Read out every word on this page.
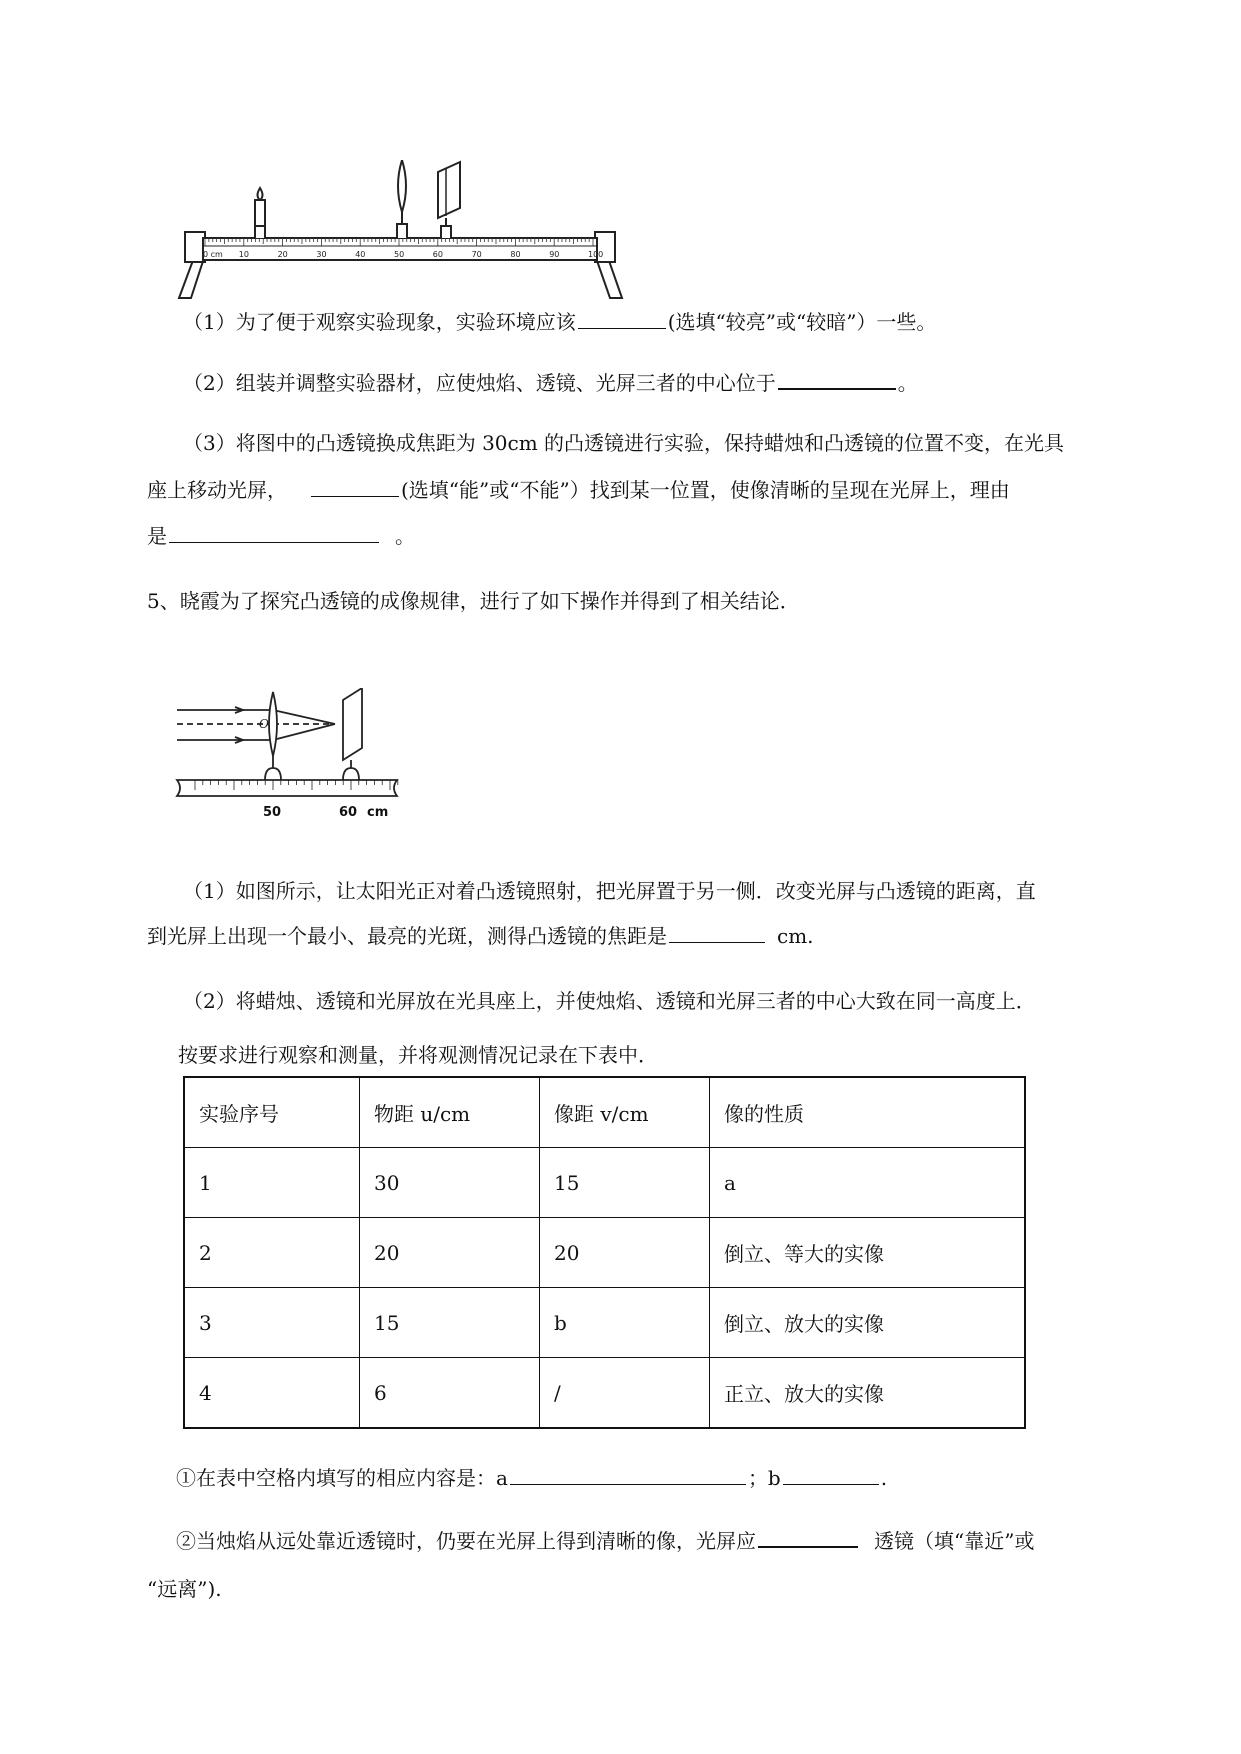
0 cm 10	20	30	40	50	60	70	80	90	100
（1）为了便于观察实验现象，实验环境应该	(选填“较亮”或“较暗”）一些。
（2）组装并调整实验器材，应使烛焰、透镜、光屏三者的中心位于	。
（3）将图中的凸透镜换成焦距为 30cm 的凸透镜进行实验，保持蜡烛和凸透镜的位置不变，在光具
座上移动光屏，	(选填“能”或“不能”）找到某一位置，使像清晰的呈现在光屏上，理由
是	。
5、晓霞为了探究凸透镜的成像规律，进行了如下操作并得到了相关结论．
O
50	60 cm
（1）如图所示，让太阳光正对着凸透镜照射，把光屏置于另一侧．改变光屏与凸透镜的距离，直
到光屏上出现一个最小、最亮的光斑，测得凸透镜的焦距是	cm.
（2）将蜡烛、透镜和光屏放在光具座上，并使烛焰、透镜和光屏三者的中心大致在同一高度上．
按要求进行观察和测量，并将观测情况记录在下表中．
实验序号	物距 u/cm	像距 v/cm	像的性质
1	30	15	a
2	20	20	倒立、等大的实像
3	15	b	倒立、放大的实像
4	6	/	正立、放大的实像
①在表中空格内填写的相应内容是：a	；b	.
②当烛焰从远处靠近透镜时，仍要在光屏上得到清晰的像，光屏应	透镜（填“靠近”或
“远离”).
